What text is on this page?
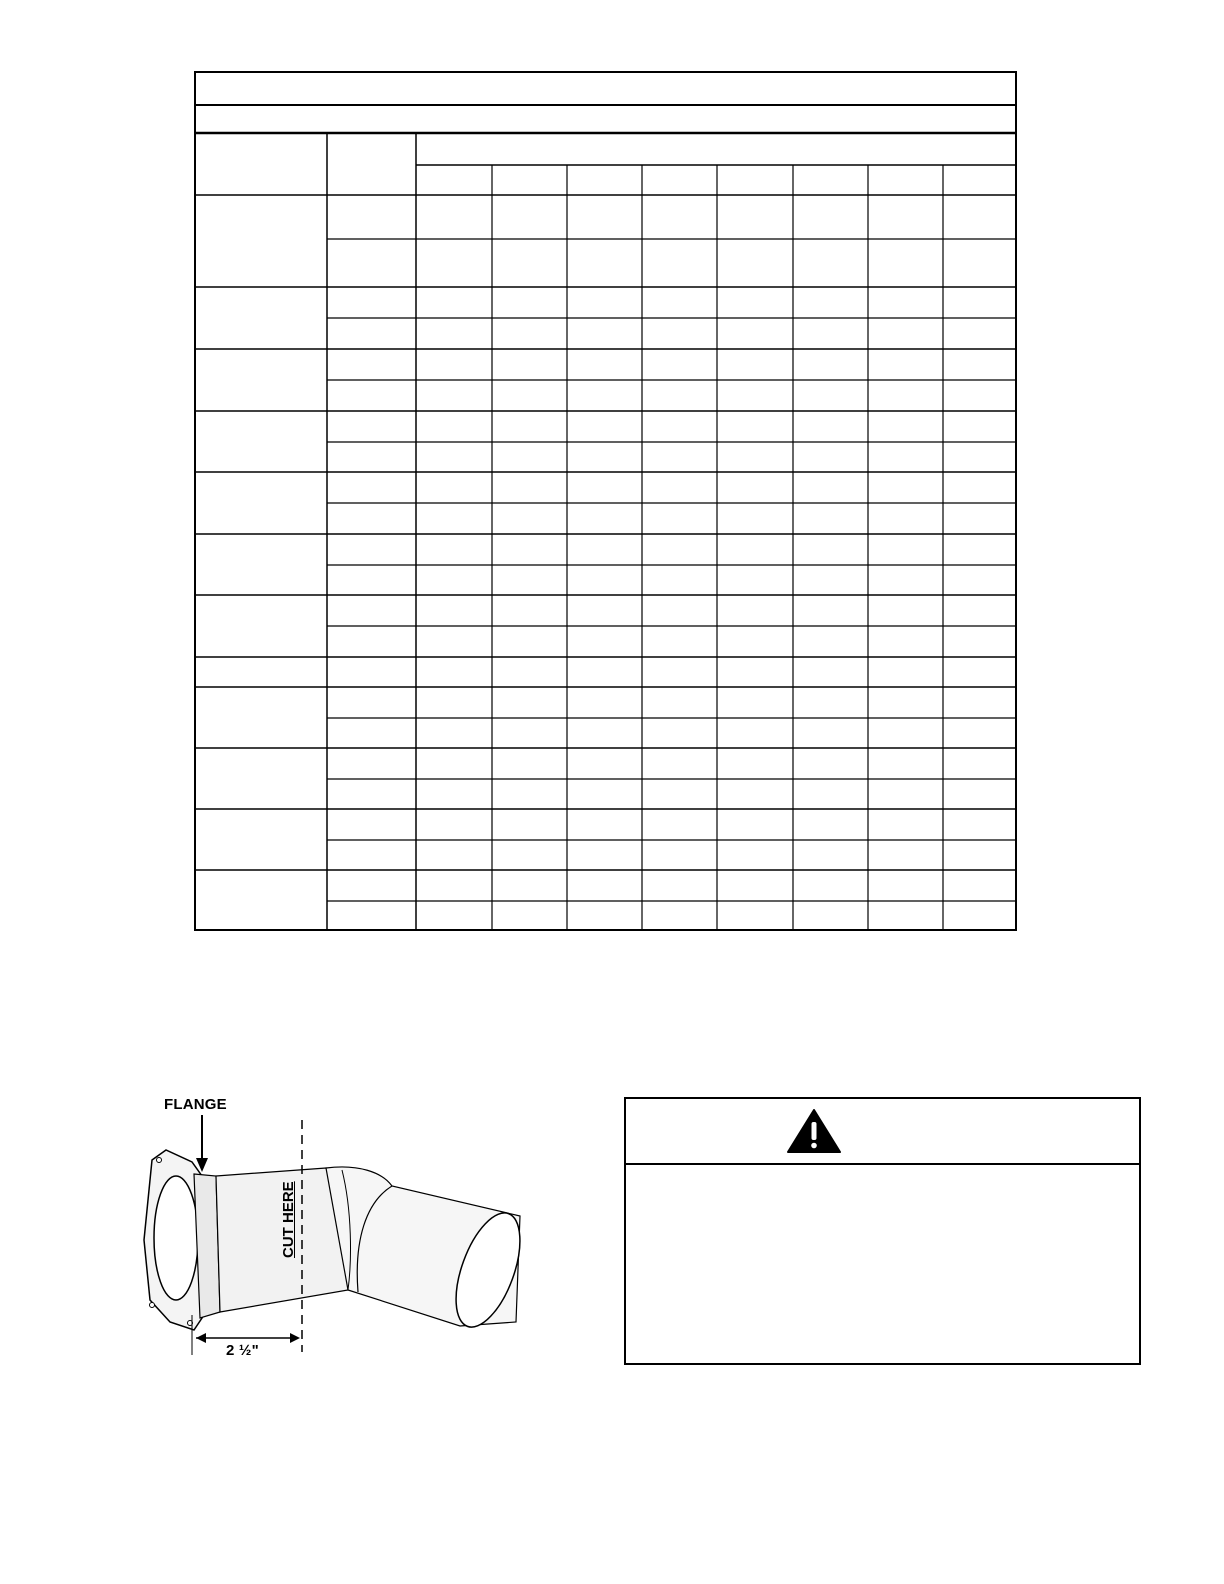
FLANGE
CUT HERE
2 ½"
